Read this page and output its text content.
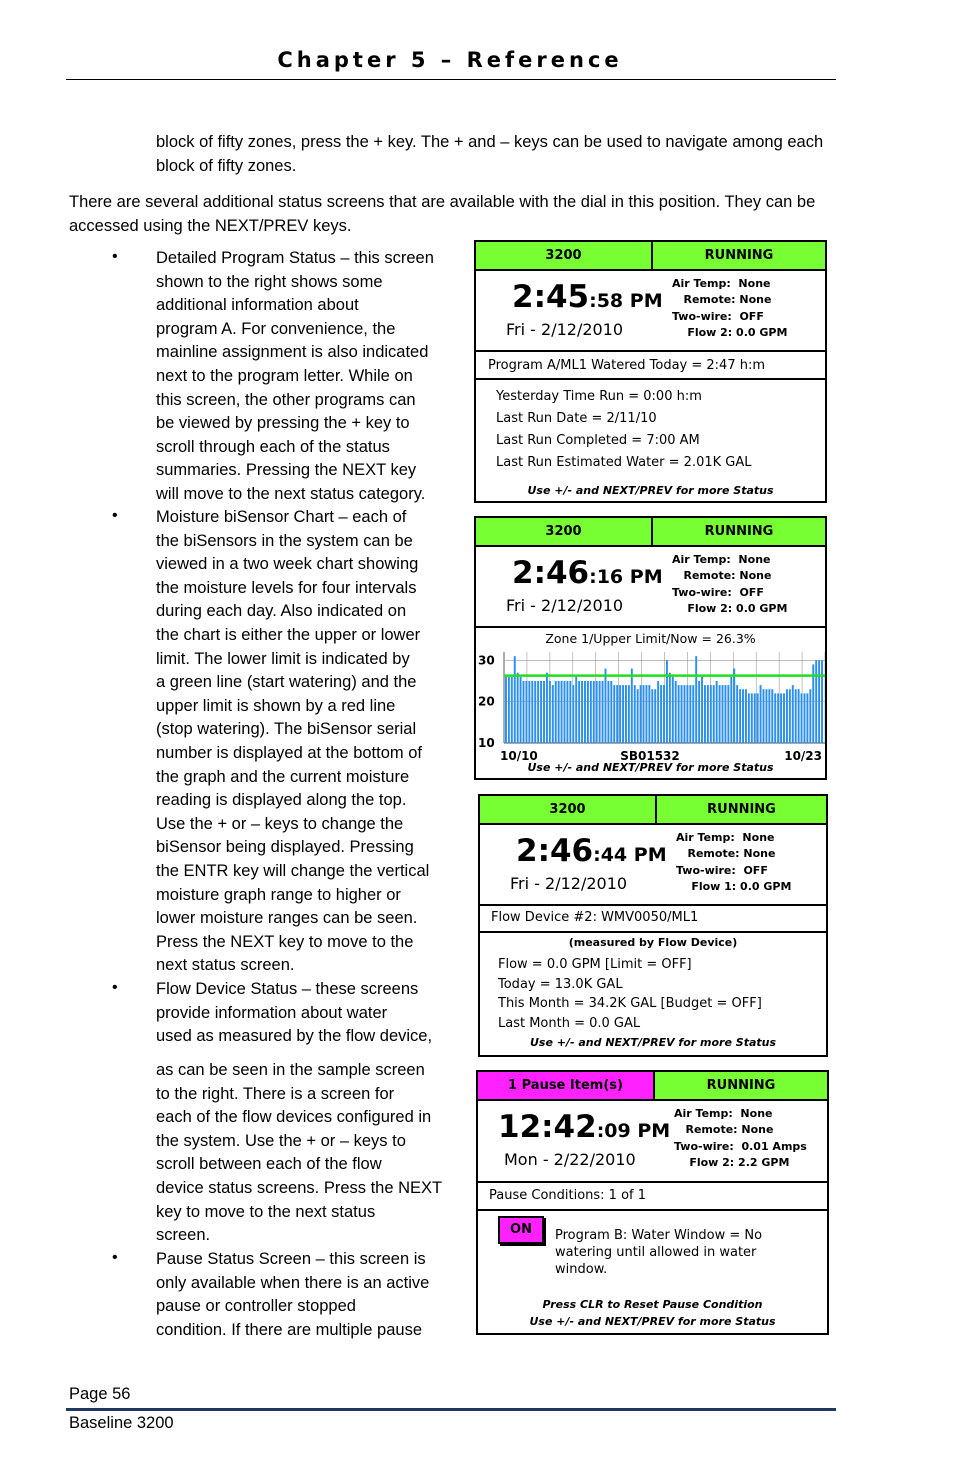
Chapter 5 – Reference

block of fifty zones, press the + key. The + and – keys can be used to navigate among each block of fifty zones.

There are several additional status screens that are available with the dial in this position. They can be accessed using the NEXT/PREV keys.

•
•
•
•
Detailed Program Status – this screen
shown to the right shows some
additional information about
program A. For convenience, the
mainline assignment is also indicated
next to the program letter. While on
this screen, the other programs can
be viewed by pressing the + key to
scroll through each of the status
summaries. Pressing the NEXT key
will move to the next status category.
Moisture biSensor Chart – each of
the biSensors in the system can be
viewed in a two week chart showing
the moisture levels for four intervals
during each day. Also indicated on
the chart is either the upper or lower
limit. The lower limit is indicated by
a green line (start watering) and the
upper limit is shown by a red line
(stop watering). The biSensor serial
number is displayed at the bottom of
the graph and the current moisture
reading is displayed along the top.
Use the + or – keys to change the
biSensor being displayed. Pressing
the ENTR key will change the vertical
moisture graph range to higher or
lower moisture ranges can be seen.
Press the NEXT key to move to the
next status screen.
Flow Device Status – these screens
provide information about water
used as measured by the flow device,
as can be seen in the sample screen
to the right. There is a screen for
each of the flow devices configured in
the system. Use the + or – keys to
scroll between each of the flow
device status screens. Press the NEXT
key to move to the next status
screen.
Pause Status Screen – this screen is
only available when there is an active
pause or controller stopped
condition. If there are multiple pause
3200	RUNNING
2:45:58 PM
Fri - 2/12/2010
Air Temp:  None
Remote: None
Two-wire:  OFF
Flow 2: 0.0 GPM
Program A/ML1 Watered Today = 2:47 h:m
Yesterday Time Run = 0:00 h:m
Last Run Date = 2/11/10
Last Run Completed = 7:00 AM
Last Run Estimated Water = 2.01K GAL
Use +/- and NEXT/PREV for more Status
3200	RUNNING
2:46:16 PM
Fri - 2/12/2010
Air Temp:  None
Remote: None
Two-wire:  OFF
Flow 2: 0.0 GPM
Zone 1/Upper Limit/Now = 26.3%
30
20
10
10/10	SB01532	10/23
Use +/- and NEXT/PREV for more Status
3200	RUNNING
2:46:44 PM
Fri - 2/12/2010
Air Temp:  None
Remote: None
Two-wire:  OFF
Flow 1: 0.0 GPM
Flow Device #2: WMV0050/ML1
(measured by Flow Device)
Flow = 0.0 GPM [Limit = OFF]
Today = 13.0K GAL
This Month = 34.2K GAL [Budget = OFF]
Last Month = 0.0 GAL
Use +/- and NEXT/PREV for more Status
1 Pause Item(s)	RUNNING
12:42:09 PM
Mon - 2/22/2010
Air Temp:  None
Remote: None
Two-wire:  0.01 Amps
Flow 2: 2.2 GPM
Pause Conditions: 1 of 1
ON	Program B: Water Window = No
watering until allowed in water
window.
Press CLR to Reset Pause Condition
Use +/- and NEXT/PREV for more Status
Page 56
Baseline 3200
